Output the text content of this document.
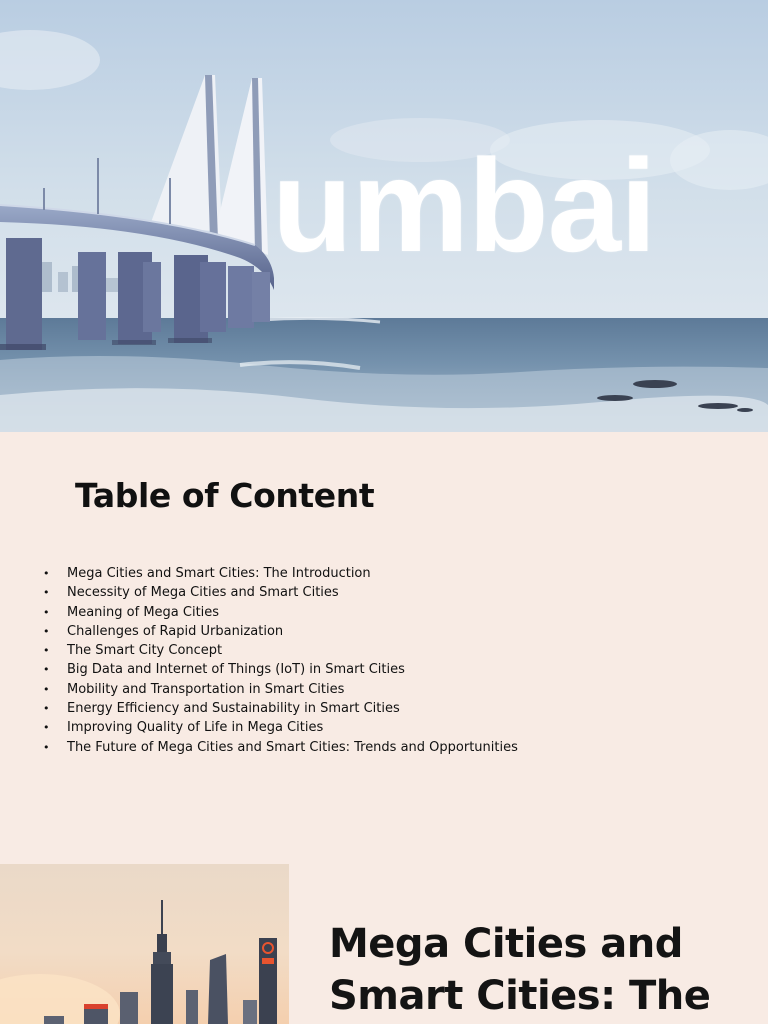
umbai
Table of Content
• Mega Cities and Smart Cities: The Introduction
• Necessity of Mega Cities and Smart Cities
• Meaning of Mega Cities
• Challenges of Rapid Urbanization
• The Smart City Concept
• Big Data and Internet of Things (IoT) in Smart Cities
• Mobility and Transportation in Smart Cities
• Energy Efficiency and Sustainability in Smart Cities
• Improving Quality of Life in Mega Cities
• The Future of Mega Cities and Smart Cities: Trends and Opportunities
Mega Cities and Smart Cities: The
